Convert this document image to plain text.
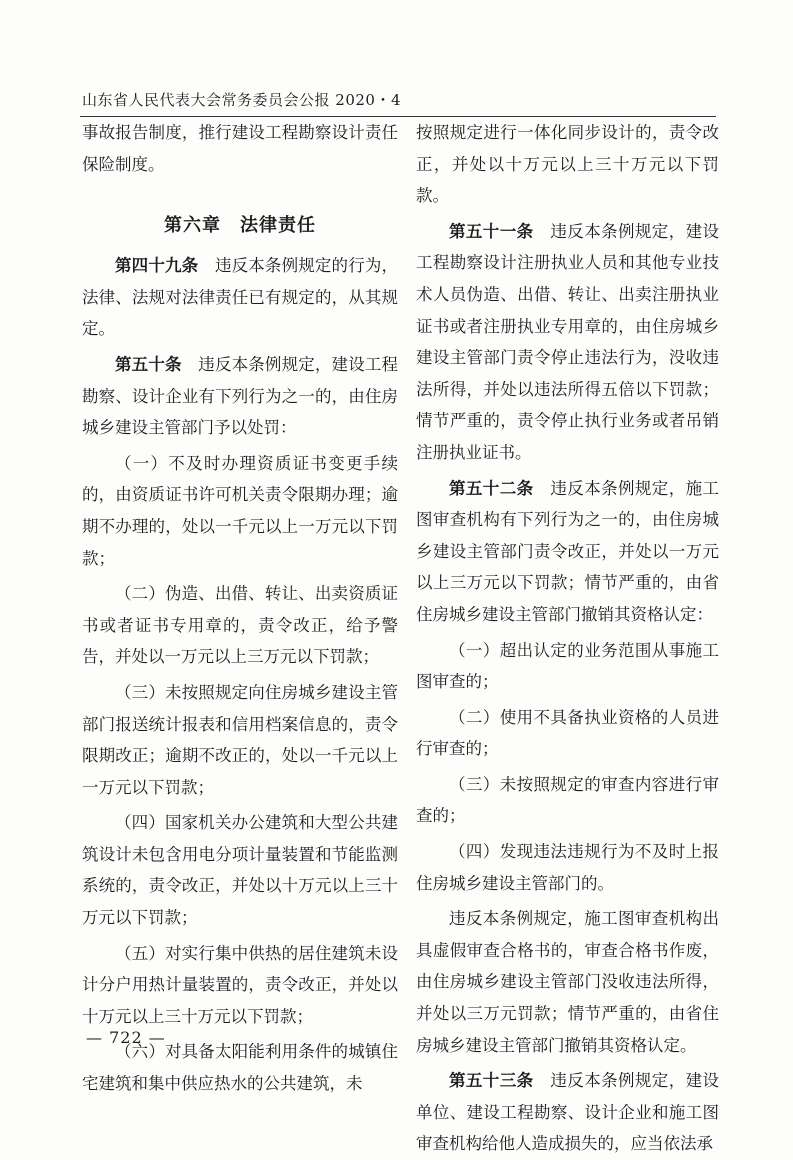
山东省人民代表大会常务委员会公报 2020・4

事故报告制度，推行建设工程勘察设计责任保险制度。

第六章　法律责任

第四十九条　违反本条例规定的行为，法律、法规对法律责任已有规定的，从其规定。

第五十条　违反本条例规定，建设工程勘察、设计企业有下列行为之一的，由住房城乡建设主管部门予以处罚：

（一）不及时办理资质证书变更手续的，由资质证书许可机关责令限期办理；逾期不办理的，处以一千元以上一万元以下罚款；

（二）伪造、出借、转让、出卖资质证书或者证书专用章的，责令改正，给予警告，并处以一万元以上三万元以下罚款；

（三）未按照规定向住房城乡建设主管部门报送统计报表和信用档案信息的，责令限期改正；逾期不改正的，处以一千元以上一万元以下罚款；

（四）国家机关办公建筑和大型公共建筑设计未包含用电分项计量装置和节能监测系统的，责令改正，并处以十万元以上三十万元以下罚款；

（五）对实行集中供热的居住建筑未设计分户用热计量装置的，责令改正，并处以十万元以上三十万元以下罚款；

（六）对具备太阳能利用条件的城镇住宅建筑和集中供应热水的公共建筑，未

按照规定进行一体化同步设计的，责令改正，并处以十万元以上三十万元以下罚款。

第五十一条　违反本条例规定，建设工程勘察设计注册执业人员和其他专业技术人员伪造、出借、转让、出卖注册执业证书或者注册执业专用章的，由住房城乡建设主管部门责令停止违法行为，没收违法所得，并处以违法所得五倍以下罚款；情节严重的，责令停止执行业务或者吊销注册执业证书。

第五十二条　违反本条例规定，施工图审查机构有下列行为之一的，由住房城乡建设主管部门责令改正，并处以一万元以上三万元以下罚款；情节严重的，由省住房城乡建设主管部门撤销其资格认定：

（一）超出认定的业务范围从事施工图审查的；

（二）使用不具备执业资格的人员进行审查的；

（三）未按照规定的审查内容进行审查的；

（四）发现违法违规行为不及时上报住房城乡建设主管部门的。

违反本条例规定，施工图审查机构出具虚假审查合格书的，审查合格书作废，由住房城乡建设主管部门没收违法所得，并处以三万元罚款；情节严重的，由省住房城乡建设主管部门撤销其资格认定。

第五十三条　违反本条例规定，建设单位、建设工程勘察、设计企业和施工图审查机构给他人造成损失的，应当依法承

— 722 —
